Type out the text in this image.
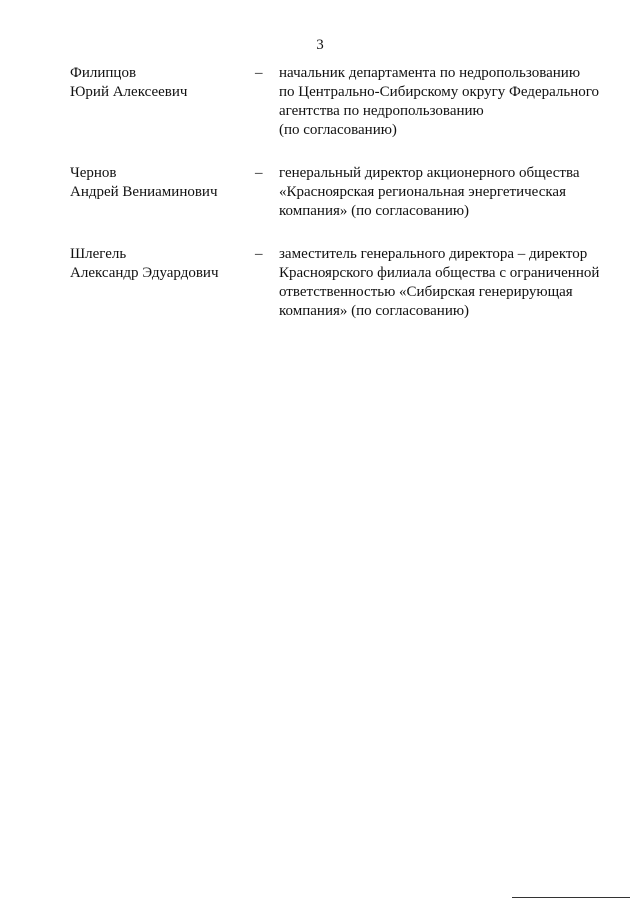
3
Филипцов
Юрий Алексеевич
–	начальник департамента по недропользованию
по Центрально-Сибирскому округу Федерального
агентства по недропользованию
(по согласованию)
Чернов
Андрей Вениаминович
–	генеральный директор акционерного общества
«Красноярская региональная энергетическая
компания» (по согласованию)
Шлегель
Александр Эдуардович
–	заместитель генерального директора – директор
Красноярского филиала общества с ограниченной
ответственностью «Сибирская генерирующая
компания» (по согласованию)
